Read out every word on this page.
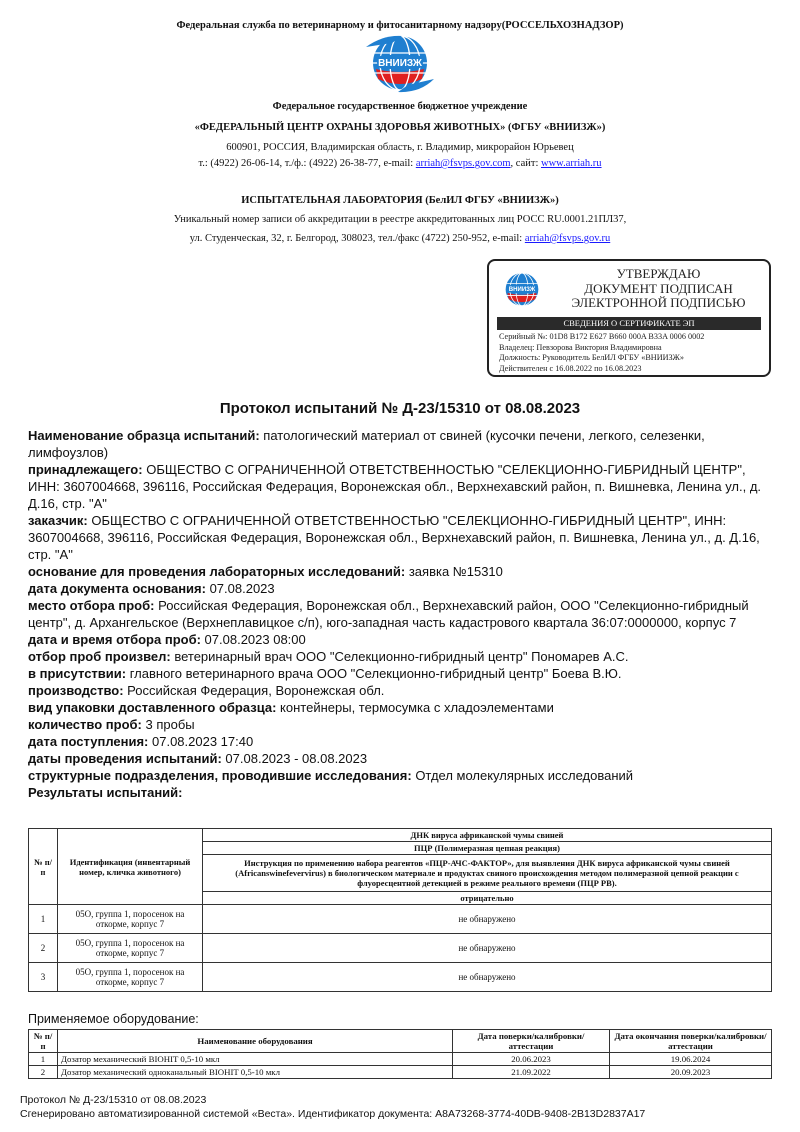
Федеральная служба по ветеринарному и фитосанитарному надзору(РОССЕЛЬХОЗНАДЗОР)
ВНИИЗЖ
Федеральное государственное бюджетное учреждение
«ФЕДЕРАЛЬНЫЙ ЦЕНТР ОХРАНЫ ЗДОРОВЬЯ ЖИВОТНЫХ» (ФГБУ «ВНИИЗЖ»)
600901, РОССИЯ, Владимирская область, г. Владимир, микрорайон Юрьевец
т.: (4922) 26-06-14, т./ф.: (4922) 26-38-77, e-mail: arriah@fsvps.gov.com, сайт: www.arriah.ru
ИСПЫТАТЕЛЬНАЯ ЛАБОРАТОРИЯ (БелИЛ ФГБУ «ВНИИЗЖ»)
Уникальный номер записи об аккредитации в реестре аккредитованных лиц РОСС RU.0001.21ПЛ37,
ул. Студенческая, 32, г. Белгород, 308023, тел./факс (4722) 250-952, e-mail: arriah@fsvps.gov.ru
ВНИИЗЖ
УТВЕРЖДАЮ
ДОКУМЕНТ ПОДПИСАН
ЭЛЕКТРОННОЙ ПОДПИСЬЮ
СВЕДЕНИЯ О СЕРТИФИКАТЕ ЭП
Серийный №: 01D8 B172 E627 B660 000A B33A 0006 0002
Владелец: Певзорова Виктория Владимировна
Должность: Руководитель БелИЛ ФГБУ «ВНИИЗЖ»
Действителен с 16.08.2022 по 16.08.2023
Протокол испытаний № Д-23/15310 от 08.08.2023

Наименование образца испытаний: патологический материал от свиней (кусочки печени, легкого, селезенки, лимфоузлов)

принадлежащего: ОБЩЕСТВО С ОГРАНИЧЕННОЙ ОТВЕТСТВЕННОСТЬЮ "СЕЛЕКЦИОННО-ГИБРИДНЫЙ ЦЕНТР", ИНН: 3607004668, 396116, Российская Федерация, Воронежская обл., Верхнехавский район, п. Вишневка, Ленина ул., д. Д.16, стр. "А"

заказчик: ОБЩЕСТВО С ОГРАНИЧЕННОЙ ОТВЕТСТВЕННОСТЬЮ "СЕЛЕКЦИОННО-ГИБРИДНЫЙ ЦЕНТР", ИНН: 3607004668, 396116, Российская Федерация, Воронежская обл., Верхнехавский район, п. Вишневка, Ленина ул., д. Д.16, стр. "А"

основание для проведения лабораторных исследований: заявка №15310

дата документа основания: 07.08.2023

место отбора проб: Российская Федерация, Воронежская обл., Верхнехавский район, ООО "Селекционно-гибридный центр", д. Архангельское (Верхнеплавицкое с/п), юго-западная часть кадастрового квартала 36:07:0000000, корпус 7

дата и время отбора проб: 07.08.2023 08:00

отбор проб произвел: ветеринарный врач ООО "Селекционно-гибридный центр" Пономарев А.С.

в присутствии: главного ветеринарного врача ООО "Селекционно-гибридный центр" Боева В.Ю.

производство: Российская Федерация, Воронежская обл.

вид упаковки доставленного образца: контейнеры, термосумка с хладоэлементами

количество проб: 3 пробы

дата поступления: 07.08.2023 17:40

даты проведения испытаний: 07.08.2023 - 08.08.2023

структурные подразделения, проводившие исследования: Отдел молекулярных исследований

Результаты испытаний:

№ п/п	Идентификация (инвентарный номер, кличка животного)	ДНК вируса африканской чумы свиней
		ПЦР (Полимеразная цепная реакция)
		Инструкция по применению набора реагентов «ПЦР-АЧС-ФАКТОР», для выявления ДНК вируса африканской чумы свиней (Africanswinefevervirus) в биологическом материале и продуктах свиного происхождения методом полимеразной цепной реакции с флуоресцентной детекцией в режиме реального времени (ПЦР РВ).
		отрицательно
1	05О, группа 1, поросенок на откорме, корпус 7	не обнаружено
2	05О, группа 1, поросенок на откорме, корпус 7	не обнаружено
3	05О, группа 1, поросенок на откорме, корпус 7	не обнаружено
Применяемое оборудование:
№ п/п	Наименование оборудования	Дата поверки/калибровки/аттестации	Дата окончания поверки/калибровки/аттестации
1	Дозатор механический BIOHIT 0,5-10 мкл	20.06.2023	19.06.2024
2	Дозатор механический одноканальный BIOHIT 0,5-10 мкл	21.09.2022	20.09.2023
Протокол № Д-23/15310 от 08.08.2023
Сгенерировано автоматизированной системой «Веста». Идентификатор документа: A8A73268-3774-40DB-9408-2B13D2837A17
